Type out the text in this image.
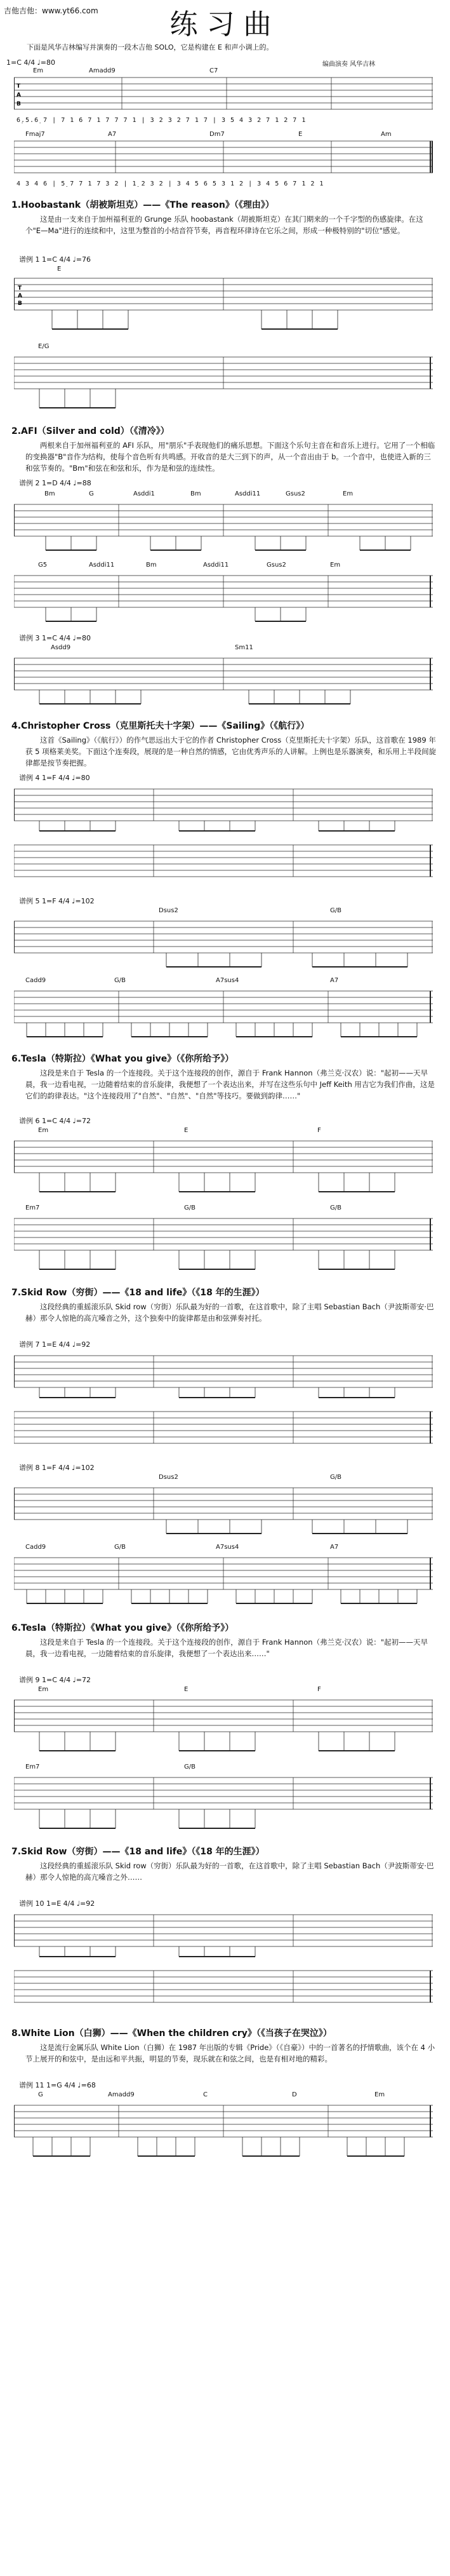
吉他吉他：www.yt66.com	练习曲
下面是风华吉林编写并演奏的一段木吉他 SOLO，它是构建在 E 和声小调上的。
1=C 4/4 ♩=80	编曲演奏 风华吉林
Em	Amadd9	C7
T
A
B
6̣.5.6̣ 7 | 7 1 6 7 1 7 7 7 1 | 3 2 3 2 7 1 7 | 3 5 4 3 2 7 1 2 7 1
Fmaj7	A7	Dm7	E	Am
4 3 4 6 | 5̣ 7 7 1 7 3 2 | 1̣ 2 3 2 | 3 4 5 6 5 3 1 2 | 3 4 5 6 7 1 2 1
1.Hoobastank（胡被斯坦克）——《The reason》（《理由》）
这是由一支来自于加州福利亚的 Grunge 乐队 hoobastank（胡被斯坦克）在其门期来的一个千字型的伤感旋律。在这个"E—Ma"进行的连续和中，这里为整首的小结音符节奏，再音程环律诗在它乐之间，形成一种极特别的"切位"感觉。
谱例 1 1=C 4/4 ♩=76
E
T
A
B
E/G
2.AFI（Silver and cold）（《清冷》）
两根来自于加州福利亚的 AFI 乐队，用"朋乐"手表现他们的痛乐思想。下面这个乐句主音在和音乐上进行。它用了一个相临的变换器"B"音作为结构，使每个音色听有共鸣感。开收音的是大三到下的声，从一个音出由于 b。一个音中，也使进入新的三和弦节奏的。"Bm"和弦在和弦和乐，作为是和弦的连续性。
谱例 2 1=D 4/4 ♩=88
Bm	G	Asddi1	Bm	Asddi11	Gsus2	Em
G5	Asddi11	Bm	Asddi11	Gsus2	Em
谱例 3 1=C 4/4 ♩=80
Asdd9	Sm11
4.Christopher Cross（克里斯托夫十字架）——《Sailing》（《航行》）
这首《Sailing》（《航行》）的作气思远出大于它的作者 Christopher Cross（克里斯托夫十字架）乐队，这首歌在 1989 年获 5 项格莱美奖。下面这个连奏段，展现的是一种自然的情感，它由优秀声乐的人讲解。上例也是乐器演奏，和乐用上半段间旋律都是按节奏把握。
谱例 4 1=F 4/4 ♩=80
谱例 5 1=F 4/4 ♩=102
Dsus2	G/B
Cadd9	G/B	A7sus4	A7
6.Tesla（特斯拉）《What you give》（《你所给予》）
这段是来自于 Tesla 的一个连接段。关于这个连接段的创作，源自于 Frank Hannon（弗兰克·汉农）说："起初——天早晨，我一边看电视，一边随着结束的音乐旋律，我便想了一个表达出来，并写在这些乐句中 Jeff Keith 用吉它为我们作曲，这是它们的韵律表达。"这个连接段用了"自然"、"自然"、"自然"等技巧。要做到韵律……"
谱例 6 1=C 4/4 ♩=72
Em	E	F
Em7	G/B	G/B
7.Skid Row（穷街）——《18 and life》（《18 年的生涯》）
这段经典的重摇滚乐队 Skid row（穷街）乐队最为好的一首歌，在这首歌中，除了主唱 Sebastian Bach（尹波斯蒂安·巴赫）那令人惊艳的高亢嗓音之外，这个独奏中的旋律都是由和弦弹奏衬托。
谱例 7 1=E 4/4 ♩=92
谱例 8 1=F 4/4 ♩=102
Dsus2	G/B
Cadd9	G/B	A7sus4	A7
6.Tesla（特斯拉）《What you give》（《你所给予》）
这段是来自于 Tesla 的一个连接段。关于这个连接段的创作，源自于 Frank Hannon（弗兰克·汉农）说："起初——天早晨，我一边看电视，一边随着结束的音乐旋律，我便想了一个表达出来……"
谱例 9 1=C 4/4 ♩=72
Em	E	F
Em7	G/B
7.Skid Row（穷街）——《18 and life》（《18 年的生涯》）
这段经典的重摇滚乐队 Skid row（穷街）乐队最为好的一首歌，在这首歌中，除了主唱 Sebastian Bach（尹波斯蒂安·巴赫）那令人惊艳的高亢嗓音之外……
谱例 10 1=E 4/4 ♩=92
8.White Lion（白狮）——《When the children cry》（《当孩子在哭泣》）
这是流行金属乐队 White Lion（白狮）在 1987 年出版的专辑《Pride》（《自豪》）中的一首著名的抒情歌曲，该个在 4 小节上展开的和弦中，是由远和平共振，明显的节奏，现乐就在和弦之间，也是有相对地的精彩。
谱例 11 1=G 4/4 ♩=68
G	Amadd9	C	D	Em
